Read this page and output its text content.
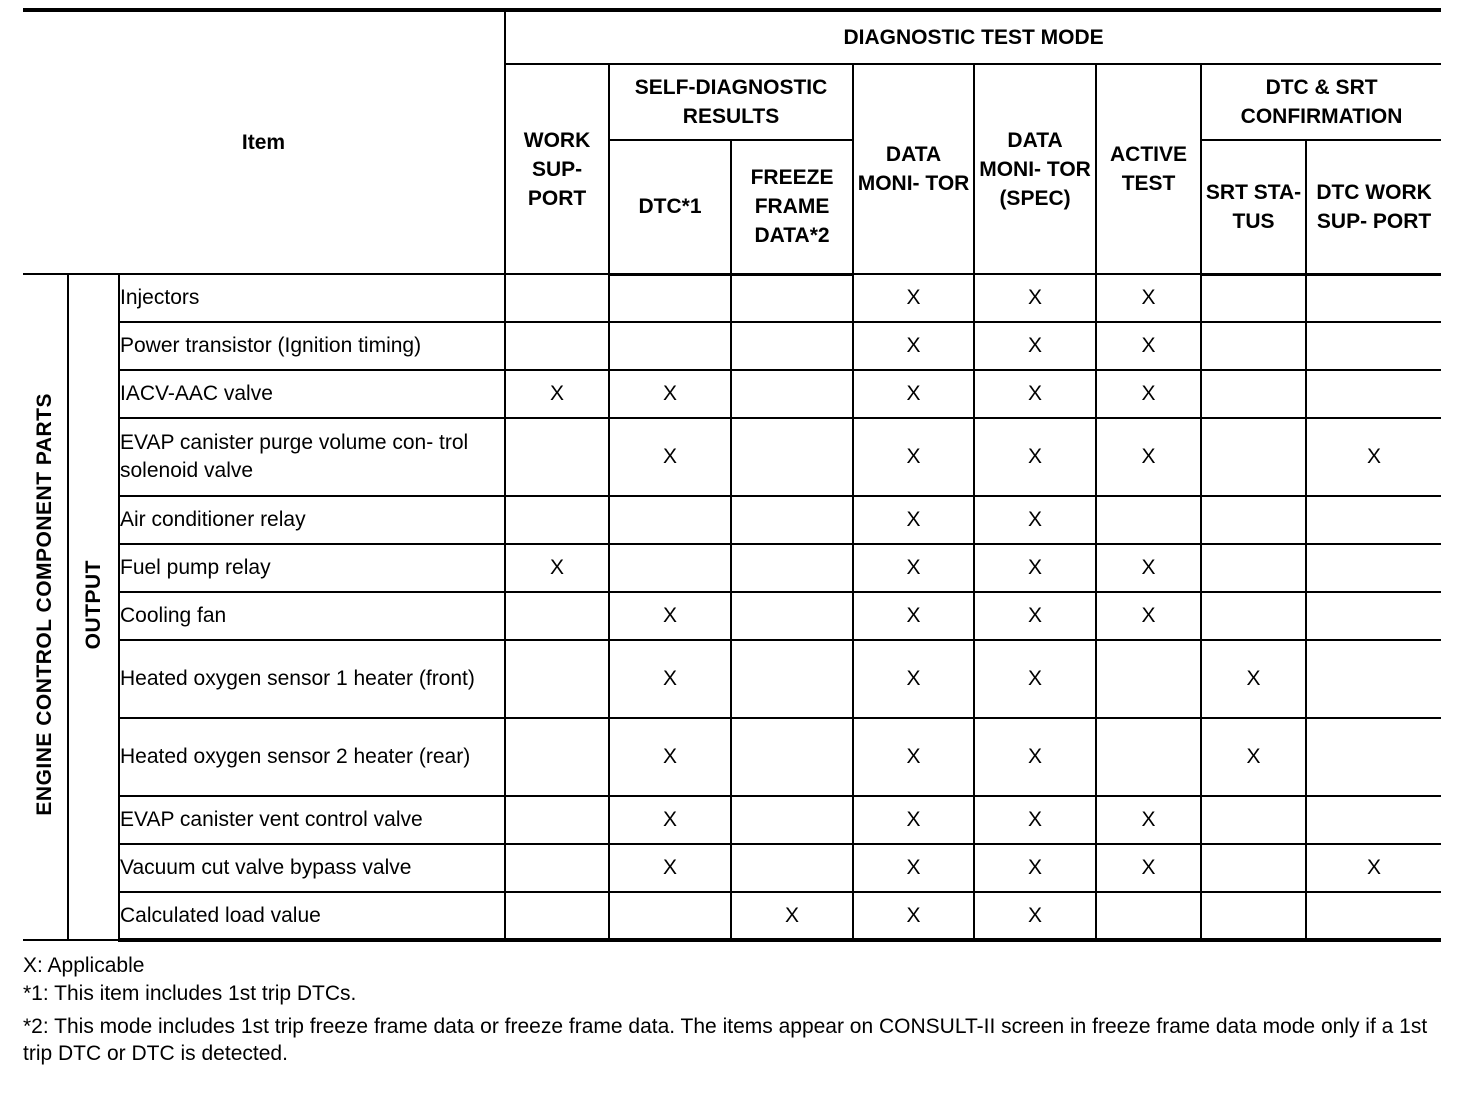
Item			DIAGNOSTIC TEST MODE							
			WORK SUP- PORT	SELF-DIAGNOSTIC RESULTS		DATA MONI- TOR	DATA MONI- TOR (SPEC)	ACTIVE TEST	DTC & SRT CONFIRMATION	
				DTC*1	FREEZE FRAME DATA*2				SRT STA- TUS	DTC WORK SUP- PORT
ENGINE CONTROL COMPONENT PARTS	OUTPUT	Injectors				X	X	X		
		Power transistor (Ignition timing)				X	X	X		
		IACV-AAC valve	X	X		X	X	X		
		EVAP canister purge volume con- trol solenoid valve		X		X	X	X		X
		Air conditioner relay				X	X			
		Fuel pump relay	X			X	X	X		
		Cooling fan		X		X	X	X		
		Heated oxygen sensor 1 heater (front)		X		X	X		X	
		Heated oxygen sensor 2 heater (rear)		X		X	X		X	
		EVAP canister vent control valve		X		X	X	X		
		Vacuum cut valve bypass valve		X		X	X	X		X
		Calculated load value			X	X	X			

X: Applicable

*1: This item includes 1st trip DTCs.

*2: This mode includes 1st trip freeze frame data or freeze frame data. The items appear on CONSULT-II screen in freeze frame data mode only if a 1st trip DTC or DTC is detected.
